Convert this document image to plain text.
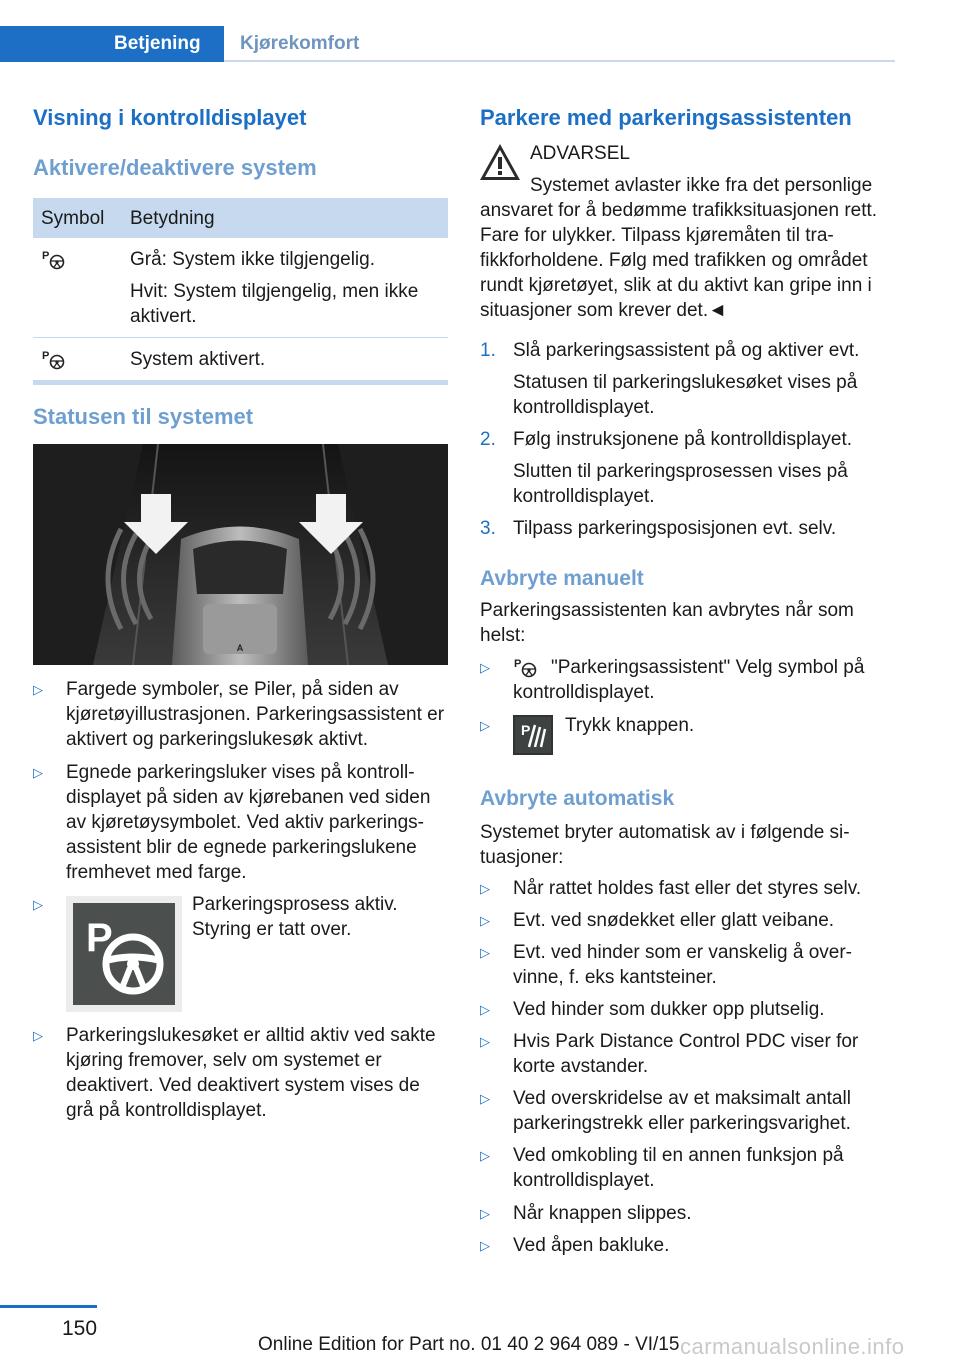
Betjening	Kjørekomfort
Visning i kontrolldisplayet
Aktivere/deaktivere system
Symbol	Betydning

P	Grå: System ikke tilgjengelig.
Hvit: System tilgjengelig, men ikke aktivert.

P	System aktivert.
Statusen til systemet
A
▷ Fargede symboler, se Piler, på siden av kjøretøyillustrasjonen. Parkeringsassistent er aktivert og parkeringslukesøk aktivt.
▷ Egnede parkeringsluker vises på kontrolldisplayet på siden av kjørebanen ved siden av kjøretøysymbolet. Ved aktiv parkeringsassistent blir de egnede parkeringslukene fremhevet med farge.
▷
P
Parkeringsprosess aktiv. Styring er tatt over.
▷ Parkeringslukesøket er alltid aktiv ved sakte kjøring fremover, selv om systemet er deaktivert. Ved deaktivert system vises de grå på kontrolldisplayet.
Parkere med parkeringsassistenten
ADVARSEL
Systemet avlaster ikke fra det personlige ansvaret for å bedømme trafikksituasjonen rett. Fare for ulykker. Tilpass kjøremåten til trafikkforholdene. Følg med trafikken og området rundt kjøretøyet, slik at du aktivt kan gripe inn i situasjoner som krever det.◄
1. Slå parkeringsassistent på og aktiver evt.
Statusen til parkeringslukesøket vises på kontrolldisplayet.
2. Følg instruksjonene på kontrolldisplayet.
Slutten til parkeringsprosessen vises på kontrolldisplayet.
3. Tilpass parkeringsposisjonen evt. selv.
Avbryte manuelt
Parkeringsassistenten kan avbrytes når som helst:
▷ P	"Parkeringsassistent" Velg symbol på kontrolldisplayet.
▷ P Trykk knappen.
Avbryte automatisk
Systemet bryter automatisk av i følgende situasjoner:
▷ Når rattet holdes fast eller det styres selv.
▷ Evt. ved snødekket eller glatt veibane.
▷ Evt. ved hinder som er vanskelig å overvinne, f. eks kantsteiner.
▷ Ved hinder som dukker opp plutselig.
▷ Hvis Park Distance Control PDC viser for korte avstander.
▷ Ved overskridelse av et maksimalt antall parkeringstrekk eller parkeringsvarighet.
▷ Ved omkobling til en annen funksjon på kontrolldisplayet.
▷ Når knappen slippes.
▷ Ved åpen bakluke.
150
Online Edition for Part no. 01 40 2 964 089 - VI/15 carmanualsonline.info
